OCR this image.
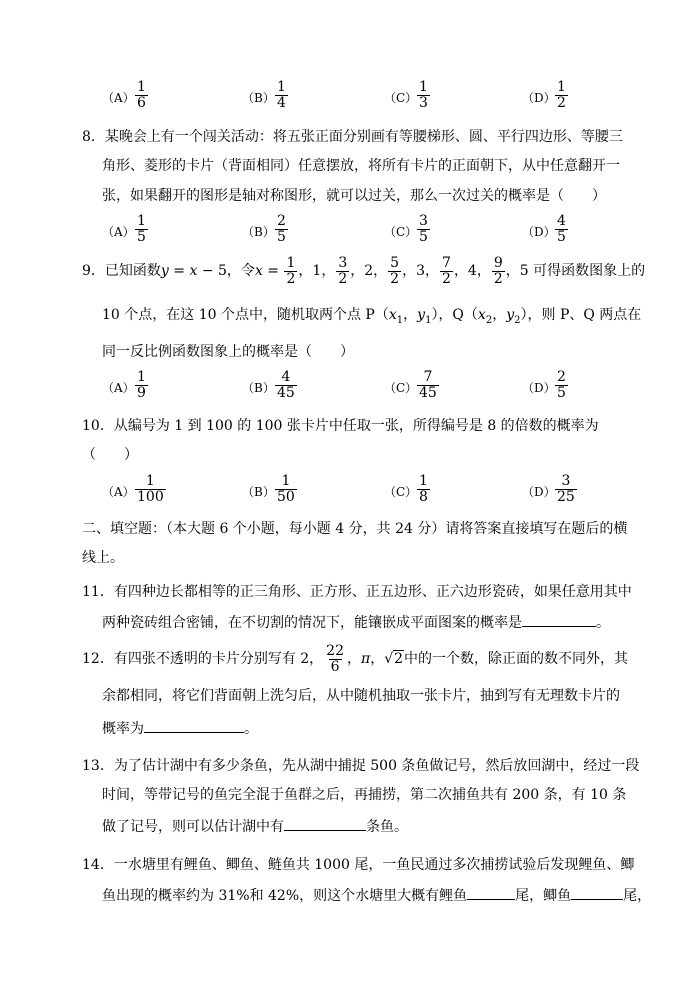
$(A) \frac{1}{6}$	$(B) \frac{1}{4}$	$(C) \frac{1}{3}$	$(D) \frac{1}{2}$
8．某晚会上有一个闯关活动：将五张正面分别画有等腰梯形、圆、平行四边形、等腰三
角形、菱形的卡片（背面相同）任意摆放，将所有卡片的正面朝下，从中任意翻开一
张，如果翻开的图形是轴对称图形，就可以过关，那么一次过关的概率是（　　）
$(A) \frac{1}{5}$	$(B) \frac{2}{5}$	$(C) \frac{3}{5}$	$(D) \frac{4}{5}$
9．已知函数y = x − 5，令$x = \frac{1}{2}$ ，1， $\frac{3}{2}$ ，2， $\frac{5}{2}$ ，3， $\frac{7}{2}$ ，4， $\frac{9}{2}$ ，5 可得函数图象上的
10 个点，在这 10 个点中，随机取两个点 $P(x_1$，$y_1$），$Q(x_2$，$y_2$），则 P、Q 两点在
同一反比例函数图象上的概率是（　　）
$(A) \frac{1}{9}$	$(B) \frac{4}{45}$	$(C) \frac{7}{45}$	$(D) \frac{2}{5}$
10．从编号为 1 到 100 的 100 张卡片中任取一张，所得编号是 8 的倍数的概率为
（　　）
$(A) \frac{1}{100}$	$(B) \frac{1}{50}$	$(C) \frac{1}{8}$	$(D) \frac{3}{25}$
二、填空题：（本大题 6 个小题，每小题 4 分，共 24 分）请将答案直接填写在题后的横
线上。
11．有四种边长都相等的正三角形、正方形、正五边形、正六边形瓷砖，如果任意用其中
两种瓷砖组合密铺，在不切割的情况下，能镶嵌成平面图案的概率是	。
12．有四张不透明的卡片分别写有 2， $\frac{22}{6}$ ，π，√2中的一个数，除正面的数不同外，其
余都相同，将它们背面朝上洗匀后，从中随机抽取一张卡片，抽到写有无理数卡片的
概率为	。
13．为了估计湖中有多少条鱼，先从湖中捕捉 500 条鱼做记号，然后放回湖中，经过一段
时间，等带记号的鱼完全混于鱼群之后，再捕捞，第二次捕鱼共有 200 条，有 10 条
做了记号，则可以估计湖中有	条鱼。
14．一水塘里有鲤鱼、鲫鱼、鲢鱼共 1000 尾，一鱼民通过多次捕捞试验后发现鲤鱼、鲫
鱼出现的概率约为 31%和 42%，则这个水塘里大概有鲤鱼	尾，鲫鱼	尾，
